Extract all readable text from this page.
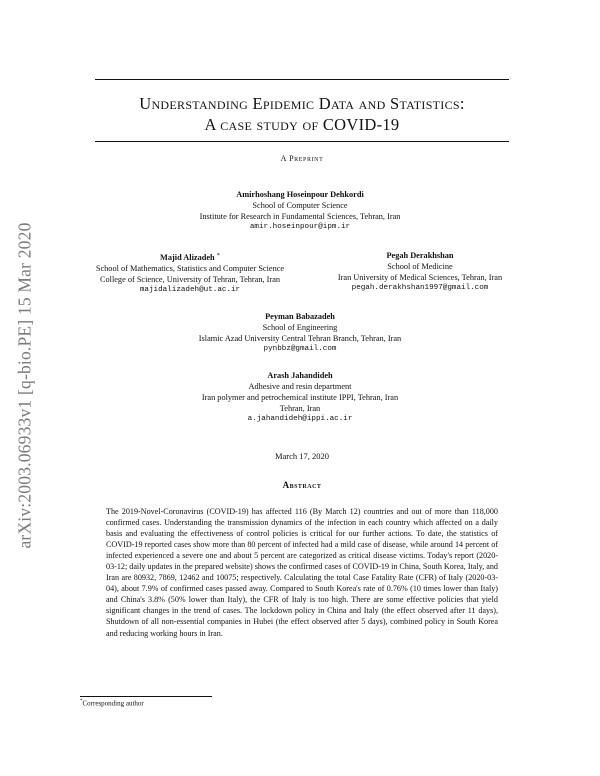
arXiv:2003.06933v1 [q-bio.PE] 15 Mar 2020
Understanding Epidemic Data and Statistics:
A case study of COVID-19
A Preprint
Amirhoshang Hoseinpour Dehkordi
School of Computer Science
Institute for Research in Fundamental Sciences, Tehran, Iran
amir.hoseinpour@ipm.ir
Majid Alizadeh *
School of Mathematics, Statistics and Computer Science
College of Science, University of Tehran, Tehran, Iran
majidalizadeh@ut.ac.ir
Pegah Derakhshan
School of Medicine
Iran University of Medical Sciences, Tehran, Iran
pegah.derakhshan1997@gmail.com
Peyman Babazadeh
School of Engineering
Islamic Azad University Central Tehran Branch, Tehran, Iran
pynbbz@gmail.com
Arash Jahandideh
Adhesive and resin department
Iran polymer and petrochemical institute IPPI, Tehran, Iran
Tehran, Iran
a.jahandideh@ippi.ac.ir
March 17, 2020
Abstract

The 2019-Novel-Coronavirus (COVID-19) has affected 116 (By March 12) countries and out of more than 118,000 confirmed cases. Understanding the transmission dynamics of the infection in each country which affected on a daily basis and evaluating the effectiveness of control policies is critical for our further actions. To date, the statistics of COVID-19 reported cases show more than 80 percent of infected had a mild case of disease, while around 14 percent of infected experienced a severe one and about 5 percent are categorized as critical disease victims. Today's report (2020-03-12; daily updates in the prepared website) shows the confirmed cases of COVID-19 in China, South Korea, Italy, and Iran are 80932, 7869, 12462 and 10075; respectively. Calculating the total Case Fatality Rate (CFR) of Italy (2020-03-04), about 7.9% of confirmed cases passed away. Compared to South Korea's rate of 0.76% (10 times lower than Italy) and China's 3.8% (50% lower than Italy), the CFR of Italy is too high. There are some effective policies that yield significant changes in the trend of cases. The lockdown policy in China and Italy (the effect observed after 11 days), Shutdown of all non-essential companies in Hubei (the effect observed after 5 days), combined policy in South Korea and reducing working hours in Iran.

*Corresponding author
